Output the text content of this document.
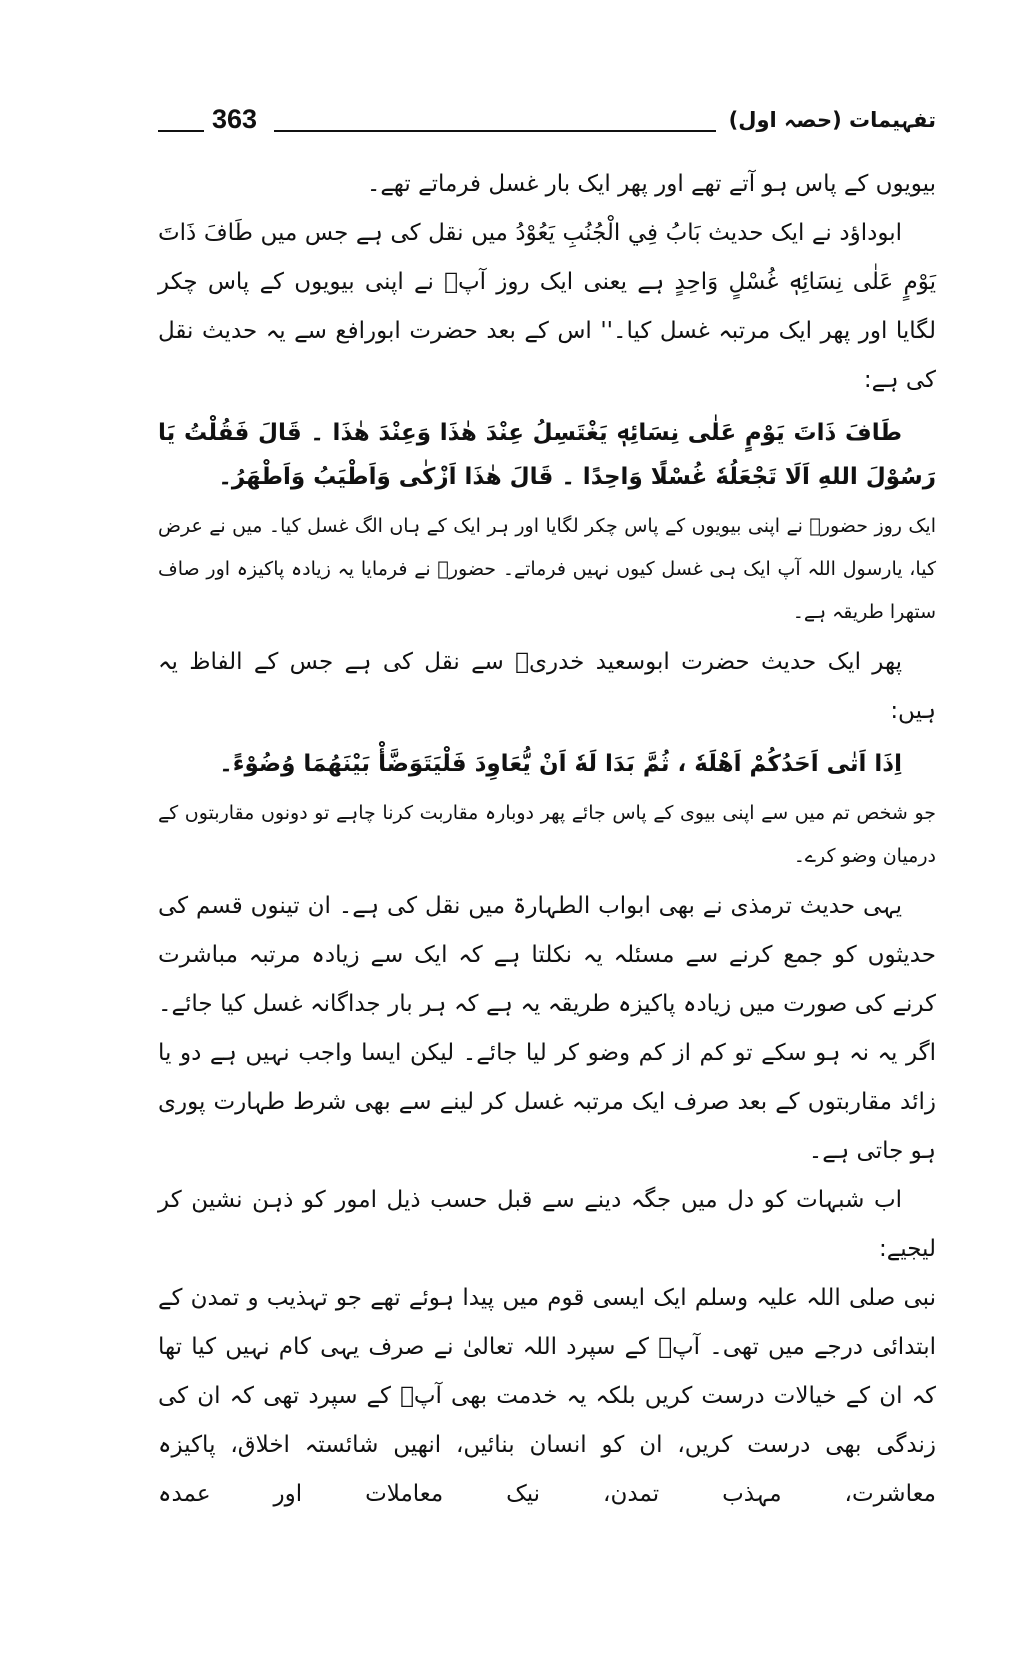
363	تفہیمات (حصہ اول)

بیویوں کے پاس ہو آتے تھے اور پھر ایک بار غسل فرماتے تھے۔

ابوداؤد نے ایک حدیث بَابُ فِي الْجُنُبِ يَعُوْدُ میں نقل کی ہے جس میں طَافَ ذَاتَ يَوْمٍ عَلٰى نِسَائِهٖ غُسْلٍ وَاحِدٍ ہے یعنی ایک روز آپؐ نے اپنی بیویوں کے پاس چکر لگایا اور پھر ایک مرتبہ غسل کیا۔'' اس کے بعد حضرت ابورافع سے یہ حدیث نقل کی ہے:

طَافَ ذَاتَ يَوْمٍ عَلٰى نِسَائِهٖ يَغْتَسِلُ عِنْدَ هٰذَا وَعِنْدَ هٰذَا ۔ قَالَ فَقُلْتُ يَا رَسُوْلَ اللهِ اَلَا تَجْعَلُهٗ غُسْلًا وَاحِدًا ۔ قَالَ هٰذَا اَزْكٰى وَاَطْيَبُ وَاَطْهَرُ۔

ایک روز حضورؐ نے اپنی بیویوں کے پاس چکر لگایا اور ہر ایک کے ہاں الگ غسل کیا۔ میں نے عرض کیا، یارسول اللہ آپ ایک ہی غسل کیوں نہیں فرماتے۔ حضورؐ نے فرمایا یہ زیادہ پاکیزہ اور صاف ستھرا طریقہ ہے۔

پھر ایک حدیث حضرت ابوسعید خدریؓ سے نقل کی ہے جس کے الفاظ یہ ہیں:

اِذَا اَتٰى اَحَدُكُمْ اَهْلَهٗ ، ثُمَّ بَدَا لَهٗ اَنْ يُّعَاوِدَ فَلْيَتَوَضَّأْ بَيْنَهُمَا وُضُوْءً۔

جو شخص تم میں سے اپنی بیوی کے پاس جائے پھر دوبارہ مقاربت کرنا چاہے تو دونوں مقاربتوں کے درمیان وضو کرے۔

یہی حدیث ترمذی نے بھی ابواب الطہارۃ میں نقل کی ہے۔ ان تینوں قسم کی حدیثوں کو جمع کرنے سے مسئلہ یہ نکلتا ہے کہ ایک سے زیادہ مرتبہ مباشرت کرنے کی صورت میں زیادہ پاکیزہ طریقہ یہ ہے کہ ہر بار جداگانہ غسل کیا جائے۔ اگر یہ نہ ہو سکے تو کم از کم وضو کر لیا جائے۔ لیکن ایسا واجب نہیں ہے دو یا زائد مقاربتوں کے بعد صرف ایک مرتبہ غسل کر لینے سے بھی شرط طہارت پوری ہو جاتی ہے۔

اب شبہات کو دل میں جگہ دینے سے قبل حسب ذیل امور کو ذہن نشین کر لیجیے:

نبی صلی اللہ علیہ وسلم ایک ایسی قوم میں پیدا ہوئے تھے جو تہذیب و تمدن کے ابتدائی درجے میں تھی۔ آپؐ کے سپرد اللہ تعالیٰ نے صرف یہی کام نہیں کیا تھا کہ ان کے خیالات درست کریں بلکہ یہ خدمت بھی آپؐ کے سپرد تھی کہ ان کی زندگی بھی درست کریں، ان کو انسان بنائیں، انھیں شائستہ اخلاق، پاکیزہ معاشرت، مہذب تمدن، نیک معاملات اور عمدہ
